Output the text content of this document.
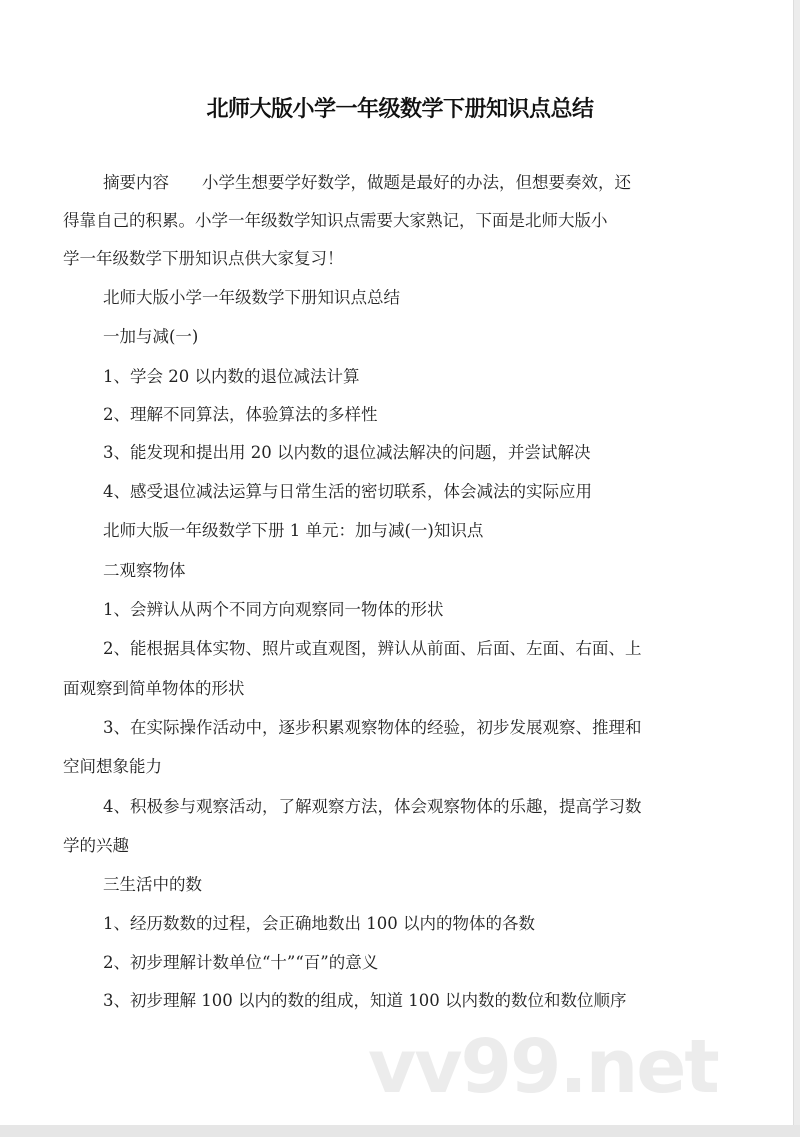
北师大版小学一年级数学下册知识点总结
摘要内容　　小学生想要学好数学，做题是最好的办法，但想要奏效，还
得靠自己的积累。小学一年级数学知识点需要大家熟记，下面是北师大版小
学一年级数学下册知识点供大家复习！
北师大版小学一年级数学下册知识点总结
一加与减(一)
1、学会 20 以内数的退位减法计算
2、理解不同算法，体验算法的多样性
3、能发现和提出用 20 以内数的退位减法解决的问题，并尝试解决
4、感受退位减法运算与日常生活的密切联系，体会减法的实际应用
北师大版一年级数学下册 1 单元：加与减(一)知识点
二观察物体
1、会辨认从两个不同方向观察同一物体的形状
2、能根据具体实物、照片或直观图，辨认从前面、后面、左面、右面、上
面观察到简单物体的形状
3、在实际操作活动中，逐步积累观察物体的经验，初步发展观察、推理和
空间想象能力
4、积极参与观察活动，了解观察方法，体会观察物体的乐趣，提高学习数
学的兴趣
三生活中的数
1、经历数数的过程，会正确地数出 100 以内的物体的各数
2、初步理解计数单位“十”“百”的意义
3、初步理解 100 以内的数的组成，知道 100 以内数的数位和数位顺序
vv99.net
